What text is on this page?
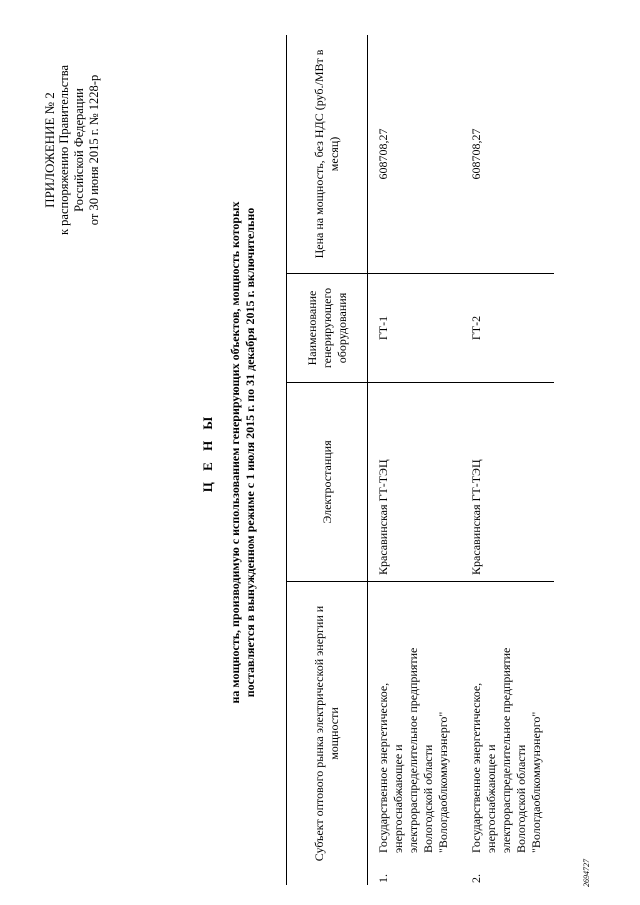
ПРИЛОЖЕНИЕ № 2 к распоряжению Правительства Российской Федерации от 30 июня 2015 г. № 1228-р
Ц Е Н Ы на мощность, производимую с использованием генерирующих объектов, мощность которых поставляется в вынужденном режиме с 1 июля 2015 г. по 31 декабря 2015 г. включительно
Субъект оптового рынка электрической энергии и мощности		Электростанция	Наименование генерирующего оборудования	Цена на мощность, без НДС (руб./МВт в месяц)
1.	Государственное энергетическое, энергоснабжающее и электрораспределительное предприятие Вологодской области "Вологдаоблкоммунэнерго"	Красавинская ГТ-ТЭЦ	ГТ-1	608708,27
2.	Государственное энергетическое, энергоснабжающее и электрораспределительное предприятие Вологодской области "Вологдаоблкоммунэнерго"	Красавинская ГТ-ТЭЦ	ГТ-2	608708,27
2694727
